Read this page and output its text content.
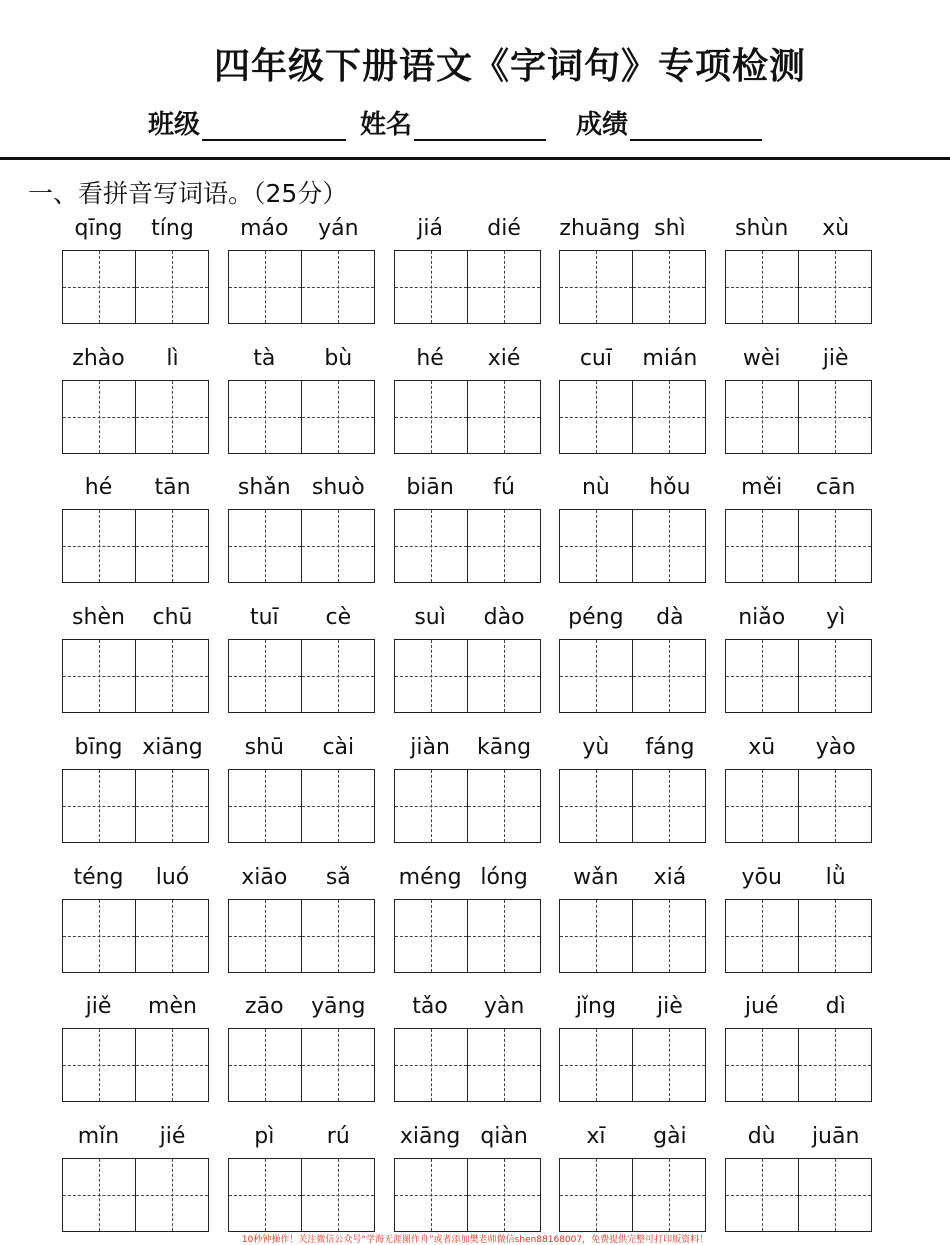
四年级下册语文《字词句》专项检测
班级	姓名	成绩
一、看拼音写词语。（25分）
qīng	tíng	máo	yán	jiá	dié	zhuāng shì	shùn	xù
zhào	lì	tà	bù	hé	xié	cuī	mián	wèi	jiè
hé	tān	shǎn shuò	biān	fú	nù	hǒu	měi	cān
shèn	chū	tuī	cè	suì	dào	péng	dà	niǎo	yì
bīng xiāng	shū	cài	jiàn	kāng	yù	fáng	xū	yào
téng	luó	xiāo	sǎ	méng lóng	wǎn	xiá	yōu	lǜ
jiě	mèn	zāo	yāng	tǎo	yàn	jǐng	jiè	jué	dì
mǐn	jié	pì	rú	xiāng qiàn	xī	gài	dù	juān
10秒钟操作！关注微信公众号“学海无涯图作舟”或者添加樊老师微信shen88168007，免费提供完整可打印版资料！
